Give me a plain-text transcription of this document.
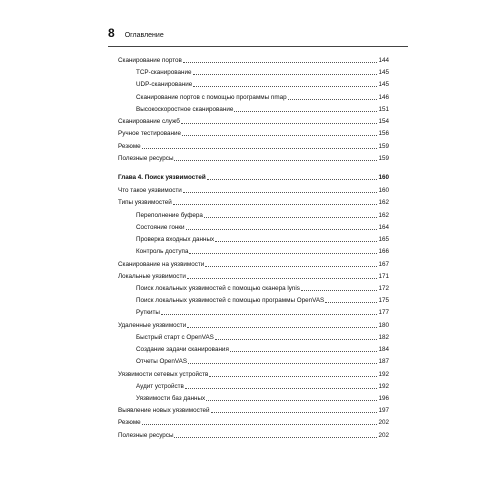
8 Оглавление
Сканирование портов	144
TCP-сканирование	145
UDP-сканирование	145
Сканирование портов с помощью программы nmap	146
Высокоскоростное сканирование	151
Сканирование служб	154
Ручное тестирование	156
Резюме	159
Полезные ресурсы	159
Глава 4. Поиск уязвимостей	160
Что такое уязвимости	160
Типы уязвимостей	162
Переполнение буфера	162
Состояние гонки	164
Проверка входных данных	165
Контроль доступа	166
Сканирование на уязвимости	167
Локальные уязвимости	171
Поиск локальных уязвимостей с помощью сканера lynis	172
Поиск локальных уязвимостей с помощью программы OpenVAS	175
Руткиты	177
Удаленные уязвимости	180
Быстрый старт с OpenVAS	182
Создание задачи сканирования	184
Отчеты OpenVAS	187
Уязвимости сетевых устройств	192
Аудит устройств	192
Уязвимости баз данных	196
Выявление новых уязвимостей	197
Резюме	202
Полезные ресурсы	202
